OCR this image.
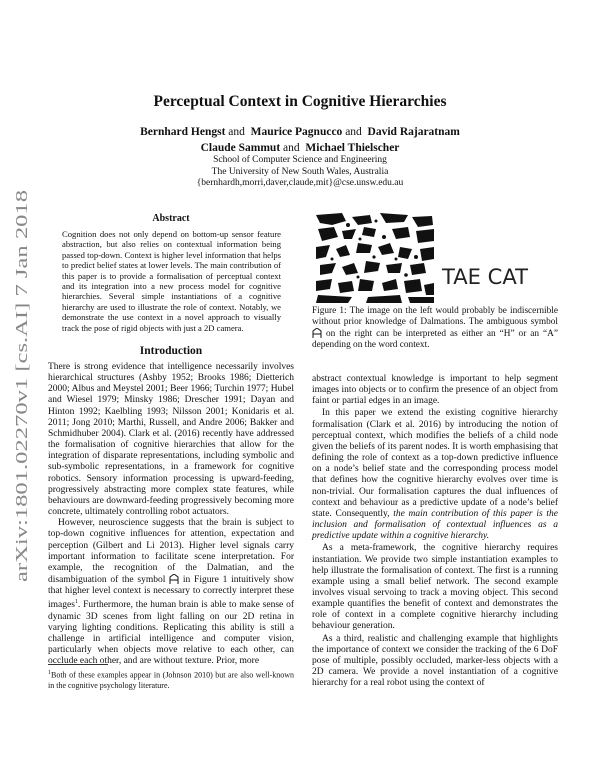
arXiv:1801.02270v1 [cs.AI] 7 Jan 2018
Perceptual Context in Cognitive Hierarchies
Bernhard Hengst and  Maurice Pagnucco and  David Rajaratnam
Claude Sammut and  Michael Thielscher
School of Computer Science and Engineering
The University of New South Wales, Australia
{bernhardh,morri,daver,claude,mit}@cse.unsw.edu.au
Abstract
Cognition does not only depend on bottom-up sensor feature abstraction, but also relies on contextual information being passed top-down. Context is higher level information that helps to predict belief states at lower levels. The main contribution of this paper is to provide a formalisation of perceptual context and its integration into a new process model for cognitive hierarchies. Several simple instantiations of a cognitive hierarchy are used to illustrate the role of context. Notably, we demonstrate the use context in a novel approach to visually track the pose of rigid objects with just a 2D camera.
Introduction

There is strong evidence that intelligence necessarily involves hierarchical structures (Ashby 1952; Brooks 1986; Dietterich 2000; Albus and Meystel 2001; Beer 1966; Turchin 1977; Hubel and Wiesel 1979; Minsky 1986; Drescher 1991; Dayan and Hinton 1992; Kaelbling 1993; Nilsson 2001; Konidaris et al. 2011; Jong 2010; Marthi, Russell, and Andre 2006; Bakker and Schmidhuber 2004). Clark et al. (2016) recently have addressed the formalisation of cognitive hierarchies that allow for the integration of disparate representations, including symbolic and sub-symbolic representations, in a framework for cognitive robotics. Sensory information processing is upward-feeding, progressively abstracting more complex state features, while behaviours are downward-feeding progressively becoming more concrete, ultimately controlling robot actuators.

However, neuroscience suggests that the brain is subject to top-down cognitive influences for attention, expectation and perception (Gilbert and Li 2013). Higher level signals carry important information to facilitate scene interpretation. For example, the recognition of the Dalmatian, and the disambiguation of the symbol in Figure 1 intuitively show that higher level context is necessary to correctly interpret these images$^1$. Furthermore, the human brain is able to make sense of dynamic 3D scenes from light falling on our 2D retina in varying lighting conditions. Replicating this ability is still a challenge in artificial intelligence and computer vision, particularly when objects move relative to each other, can occlude each other, and are without texture. Prior, more

$^1$Both of these examples appear in (Johnson 2010) but are also well-known in the cognitive psychology literature.
TAE CAT
Figure 1: The image on the left would probably be indiscernible without prior knowledge of Dalmations. The ambiguous symbol  on the right can be interpreted as either an “H” or an “A” depending on the word context.

abstract contextual knowledge is important to help segment images into objects or to confirm the presence of an object from faint or partial edges in an image.

In this paper we extend the existing cognitive hierarchy formalisation (Clark et al. 2016) by introducing the notion of perceptual context, which modifies the beliefs of a child node given the beliefs of its parent nodes. It is worth emphasising that defining the role of context as a top-down predictive influence on a node’s belief state and the corresponding process model that defines how the cognitive hierarchy evolves over time is non-trivial. Our formalisation captures the dual influences of context and behaviour as a predictive update of a node’s belief state. Consequently, the main contribution of this paper is the inclusion and formalisation of contextual influences as a predictive update within a cognitive hierarchy.

As a meta-framework, the cognitive hierarchy requires instantiation. We provide two simple instantiation examples to help illustrate the formalisation of context. The first is a running example using a small belief network. The second example involves visual servoing to track a moving object. This second example quantifies the benefit of context and demonstrates the role of context in a complete cognitive hierarchy including behaviour generation.

As a third, realistic and challenging example that highlights the importance of context we consider the tracking of the 6 DoF pose of multiple, possibly occluded, marker-less objects with a 2D camera. We provide a novel instantiation of a cognitive hierarchy for a real robot using the context of
